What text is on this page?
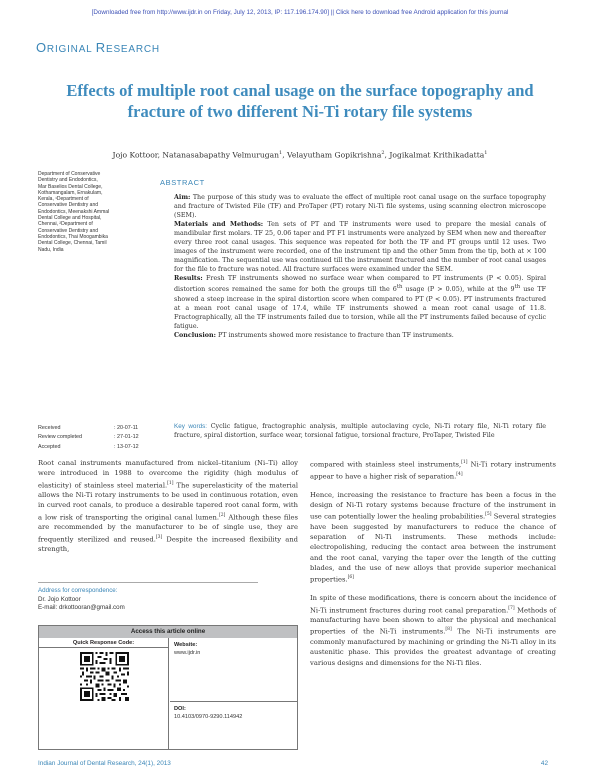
[Downloaded free from http://www.ijdr.in on Friday, July 12, 2013, IP: 117.196.174.90] || Click here to download free Android application for this journal
ORIGINAL RESEARCH
Effects of multiple root canal usage on the surface topography and fracture of two different Ni-Ti rotary file systems
Jojo Kottoor, Natanasabapathy Velmurugan$^1$, Velayutham Gopikrishna$^2$, Jogikalmat Krithikadatta$^1$
Department of Conservative
Dentistry and Endodontics,
Mar Baselios Dental College,
Kothamangalam, Ernakulam,
Kerala, ¹Department of
Conservative Dentistry and
Endodontics, Meenakshi Ammal
Dental College and Hospital,
Chennai, ²Department of
Conservative Dentistry and
Endodontics, Thai Moogambika
Dental College, Chennai, Tamil
Nadu, India
ABSTRACT
Aim: The purpose of this study was to evaluate the effect of multiple root canal usage on the surface topography and fracture of Twisted File (TF) and ProTaper (PT) rotary Ni-Ti file systems, using scanning electron microscope (SEM).
Materials and Methods: Ten sets of PT and TF instruments were used to prepare the mesial canals of mandibular first molars. TF 25, 0.06 taper and PT F1 instruments were analyzed by SEM when new and thereafter every three root canal usages. This sequence was repeated for both the TF and PT groups until 12 uses. Two images of the instrument were recorded, one of the instrument tip and the other 5mm from the tip, both at × 100 magnification. The sequential use was continued till the instrument fractured and the number of root canal usages for the file to fracture was noted. All fracture surfaces were examined under the SEM.
Results: Fresh TF instruments showed no surface wear when compared to PT instruments (P < 0.05). Spiral distortion scores remained the same for both the groups till the 6th usage (P > 0.05), while at the 9th use TF showed a steep increase in the spiral distortion score when compared to PT (P < 0.05). PT instruments fractured at a mean root canal usage of 17.4, while TF instruments showed a mean root canal usage of 11.8. Fractographically, all the TF instruments failed due to torsion, while all the PT instruments failed because of cyclic fatigue.
Conclusion: PT instruments showed more resistance to fracture than TF instruments.
Received	: 20-07-11
Review completed	: 27-01-12
Accepted	: 13-07-12
Key words: Cyclic fatigue, fractographic analysis, multiple autoclaving cycle, Ni-Ti rotary file, Ni-Ti rotary file fracture, spiral distortion, surface wear, torsional fatigue, torsional fracture, ProTaper, Twisted File

Root canal instruments manufactured from nickel–titanium (Ni–Ti) alloy were introduced in 1988 to overcome the rigidity (high modulus of elasticity) of stainless steel material.[1] The superelasticity of the material allows the Ni-Ti rotary instruments to be used in continuous rotation, even in curved root canals, to produce a desirable tapered root canal form, with a low risk of transporting the original canal lumen.[2] Although these files are recommended by the manufacturer to be of single use, they are frequently sterilized and reused.[3] Despite the increased flexibility and strength,

Address for correspondence:
Dr. Jojo Kottoor
E-mail: drkottooran@gmail.com
Access this article online
Quick Response Code:	Website:
www.ijdr.in
DOI:
10.4103/0970-9290.114942

compared with stainless steel instruments,[1] Ni-Ti rotary instruments appear to have a higher risk of separation.[4]

Hence, increasing the resistance to fracture has been a focus in the design of Ni-Ti rotary systems because fracture of the instrument in use can potentially lower the healing probabilities.[5] Several strategies have been suggested by manufacturers to reduce the chance of separation of Ni-Ti instruments. These methods include: electropolishing, reducing the contact area between the instrument and the root canal, varying the taper over the length of the cutting blades, and the use of new alloys that provide superior mechanical properties.[6]

In spite of these modifications, there is concern about the incidence of Ni-Ti instrument fractures during root canal preparation.[7] Methods of manufacturing have been shown to alter the physical and mechanical properties of the Ni-Ti instruments.[8] The Ni-Ti instruments are commonly manufactured by machining or grinding the Ni-Ti alloy in its austenitic phase. This provides the greatest advantage of creating various designs and dimensions for the Ni-Ti files.

Indian Journal of Dental Research, 24(1), 2013	42
